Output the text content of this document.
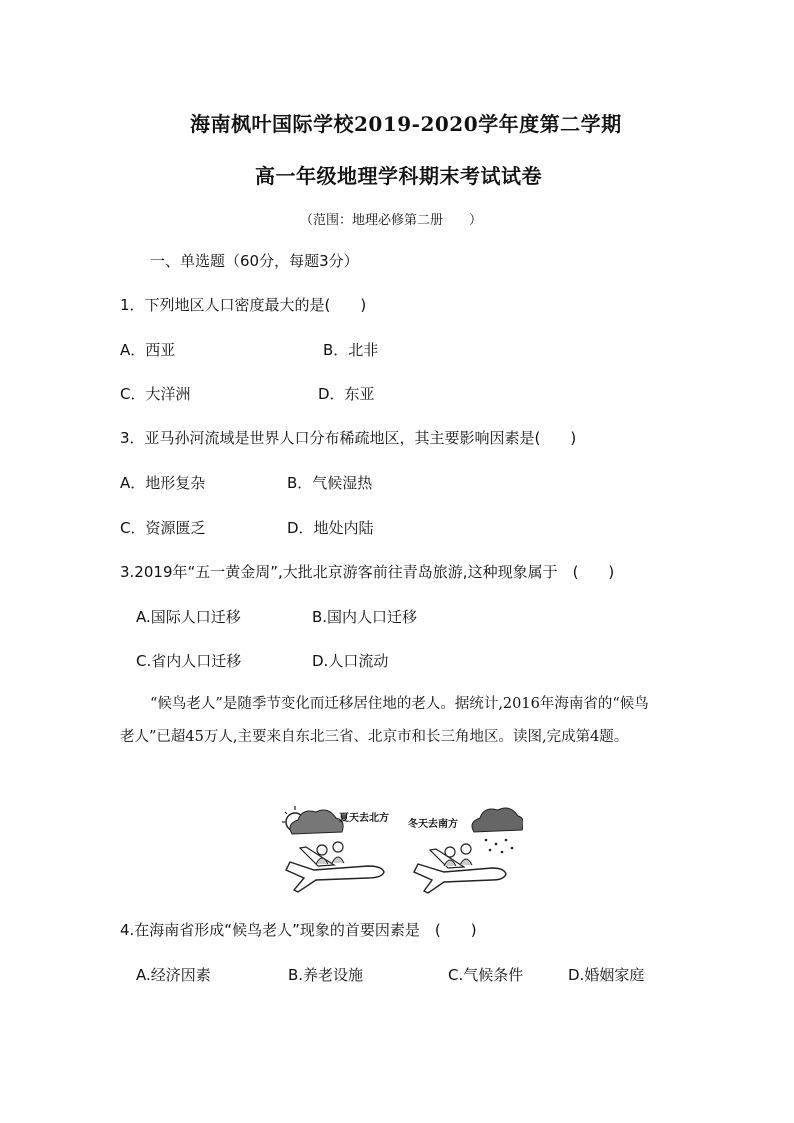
海南枫叶国际学校2019-2020学年度第二学期
高一年级地理学科期末考试试卷
（范围：地理必修第二册　　）
一、单选题（60分，每题3分）
1．下列地区人口密度最大的是(　　)
A．西亚	B．北非
C．大洋洲	D．东亚
3．亚马孙河流域是世界人口分布稀疏地区，其主要影响因素是(　　)
A．地形复杂	B．气候湿热
C．资源匮乏	D．地处内陆
3.2019年“五一黄金周”,大批北京游客前往青岛旅游,这种现象属于　(　　)
A.国际人口迁移	B.国内人口迁移
C.省内人口迁移	D.人口流动
“候鸟老人”是随季节变化而迁移居住地的老人。据统计,2016年海南省的“候鸟老人”已超45万人,主要来自东北三省、北京市和长三角地区。读图,完成第4题。
夏天去北方
冬天去南方
4.在海南省形成“候鸟老人”现象的首要因素是　(　　)
A.经济因素	B.养老设施	C.气候条件	D.婚姻家庭
